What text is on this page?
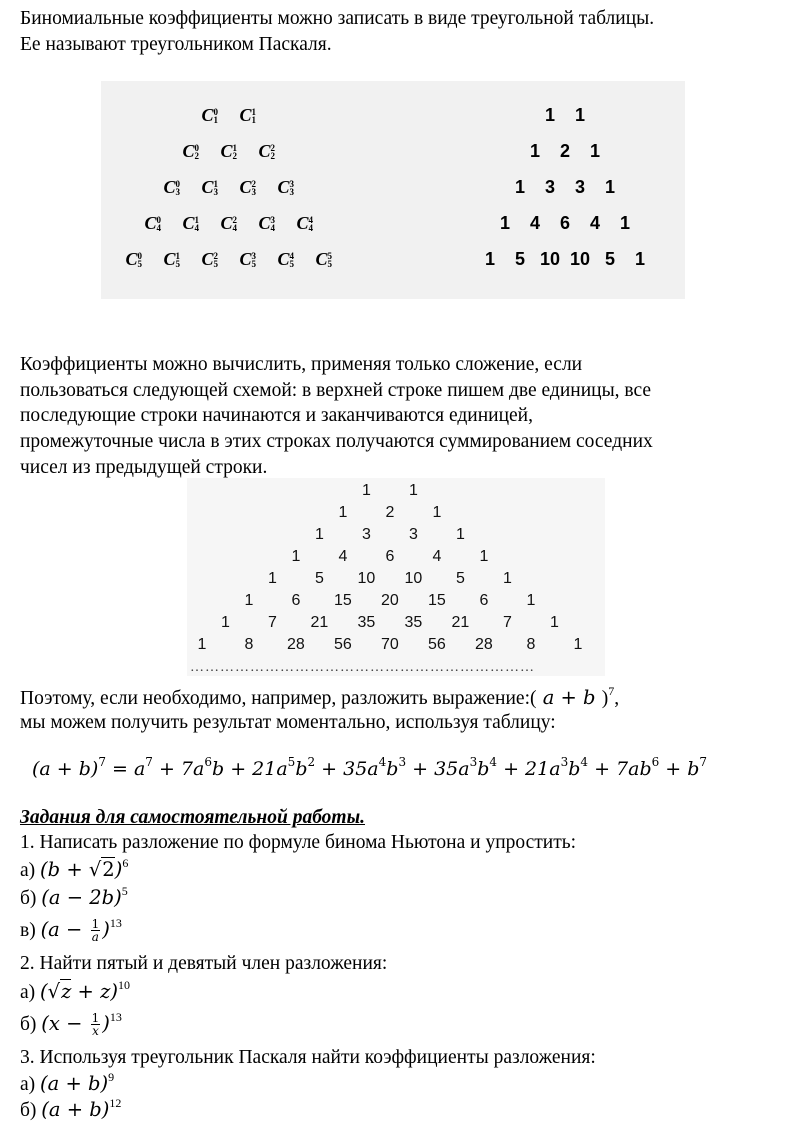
Биномиальные коэффициенты можно записать в виде треугольной таблицы.
Ее называют треугольником Паскаля.
C 0
1 C 1
1
C 0
2 C 1
2 C 2
2
C 0
3 C 1
3 C 2
3 C 3
3
C 0
4 C 1
4 C 2
4 C 3
4 C 4
4
C 0
5 C 1
5 C 2
5 C 3
5 C 4
5 C 5
5
1 1
1 2 1
1 3 3 1
1 4 6 4 1
1 5 10 10 5 1
Коэффициенты можно вычислить, применяя только сложение, если
пользоваться следующей схемой: в верхней строке пишем две единицы, все
последующие строки начинаются и заканчиваются единицей,
промежуточные числа в этих строках получаются суммированием соседних
чисел из предыдущей строки.
1 1
1 2 1
1 3 3 1
1 4 6 4 1
1 5 10 10 5 1
1 6 15 20 15 6 1
1 7 21 35 35 21 7 1
1 8 28 56 70 56 28 8 1
……………………………………………………………
Поэтому, если необходимо, например, разложить выражение:( a + b )$^7$,
мы можем получить результат моментально, используя таблицу:
$(a + b)^7 = a^7 + 7a^6b + 21a^5b^2 + 35a^4b^3 + 35a^3b^4 + 21a^3b^4 + 7ab^6 + b^7$
Задания для самостоятельной работы.
1. Написать разложение по формуле бинома Ньютона и упростить:
а) $(b + √2)^6$
б) $(a - 2b)^5$
в) $(a - \frac{1}{a} )^{13}$
2. Найти пятый и девятый член разложения:
а) $(√z + z)^{10}$
б) $(x - \frac{1}{x} )^{13}$
3. Используя треугольник Паскаля найти коэффициенты разложения:
а) $(a + b)^9$
б) $(a + b)^{12}$
